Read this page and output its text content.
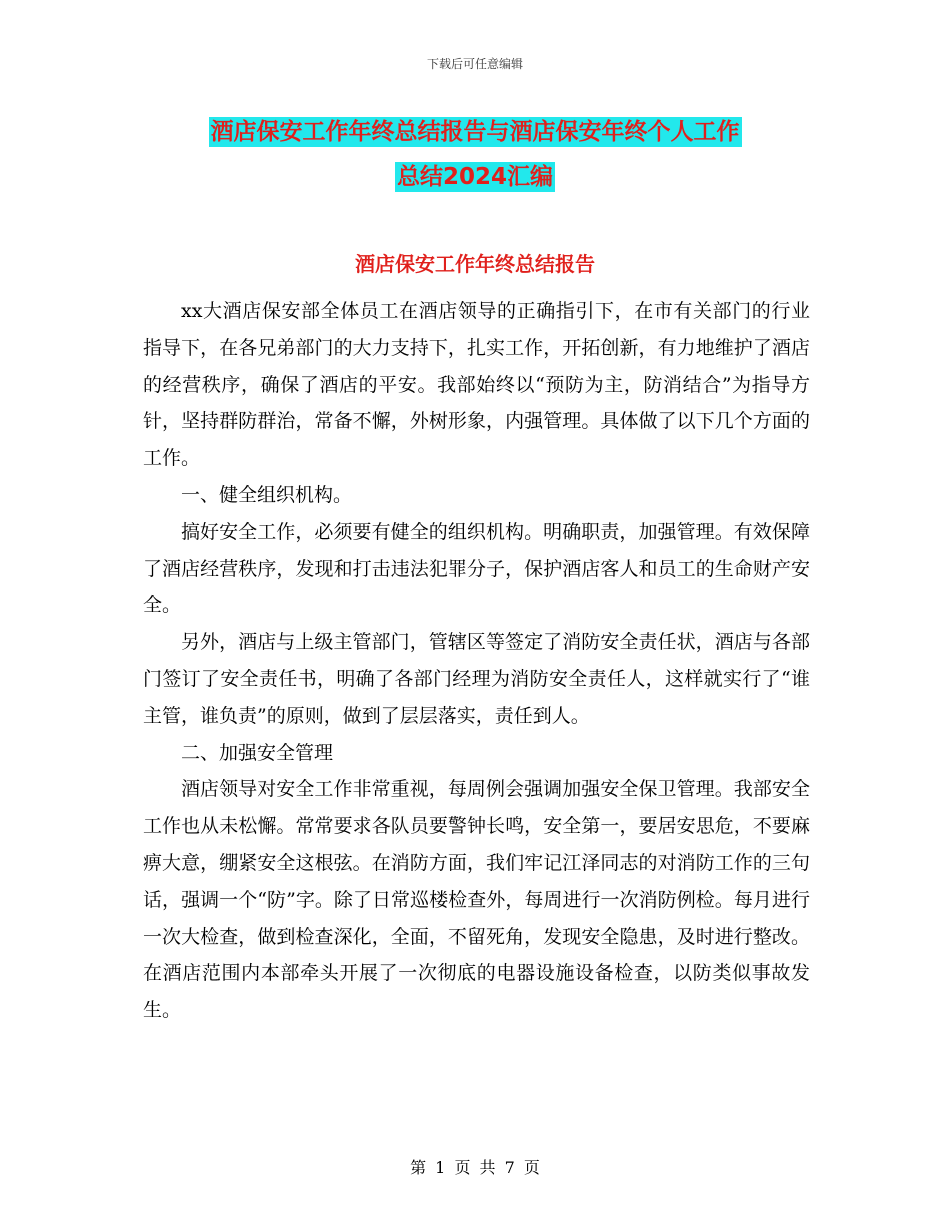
下载后可任意编辑
酒店保安工作年终总结报告与酒店保安年终个人工作
总结2024汇编
酒店保安工作年终总结报告

xx大酒店保安部全体员工在酒店领导的正确指引下，在市有关部门的行业指导下，在各兄弟部门的大力支持下，扎实工作，开拓创新，有力地维护了酒店的经营秩序，确保了酒店的平安。我部始终以“预防为主，防消结合”为指导方针，坚持群防群治，常备不懈，外树形象，内强管理。具体做了以下几个方面的工作。

一、健全组织机构。

搞好安全工作，必须要有健全的组织机构。明确职责，加强管理。有效保障了酒店经营秩序，发现和打击违法犯罪分子，保护酒店客人和员工的生命财产安全。

另外，酒店与上级主管部门，管辖区等签定了消防安全责任状，酒店与各部门签订了安全责任书，明确了各部门经理为消防安全责任人，这样就实行了“谁主管，谁负责”的原则，做到了层层落实，责任到人。

二、加强安全管理

酒店领导对安全工作非常重视，每周例会强调加强安全保卫管理。我部安全工作也从未松懈。常常要求各队员要警钟长鸣，安全第一，要居安思危，不要麻痹大意，绷紧安全这根弦。在消防方面，我们牢记江泽同志的对消防工作的三句话，强调一个“防”字。除了日常巡楼检查外，每周进行一次消防例检。每月进行一次大检查，做到检查深化，全面，不留死角，发现安全隐患，及时进行整改。在酒店范围内本部牵头开展了一次彻底的电器设施设备检查，以防类似事故发生。

第 1 页 共 7 页
